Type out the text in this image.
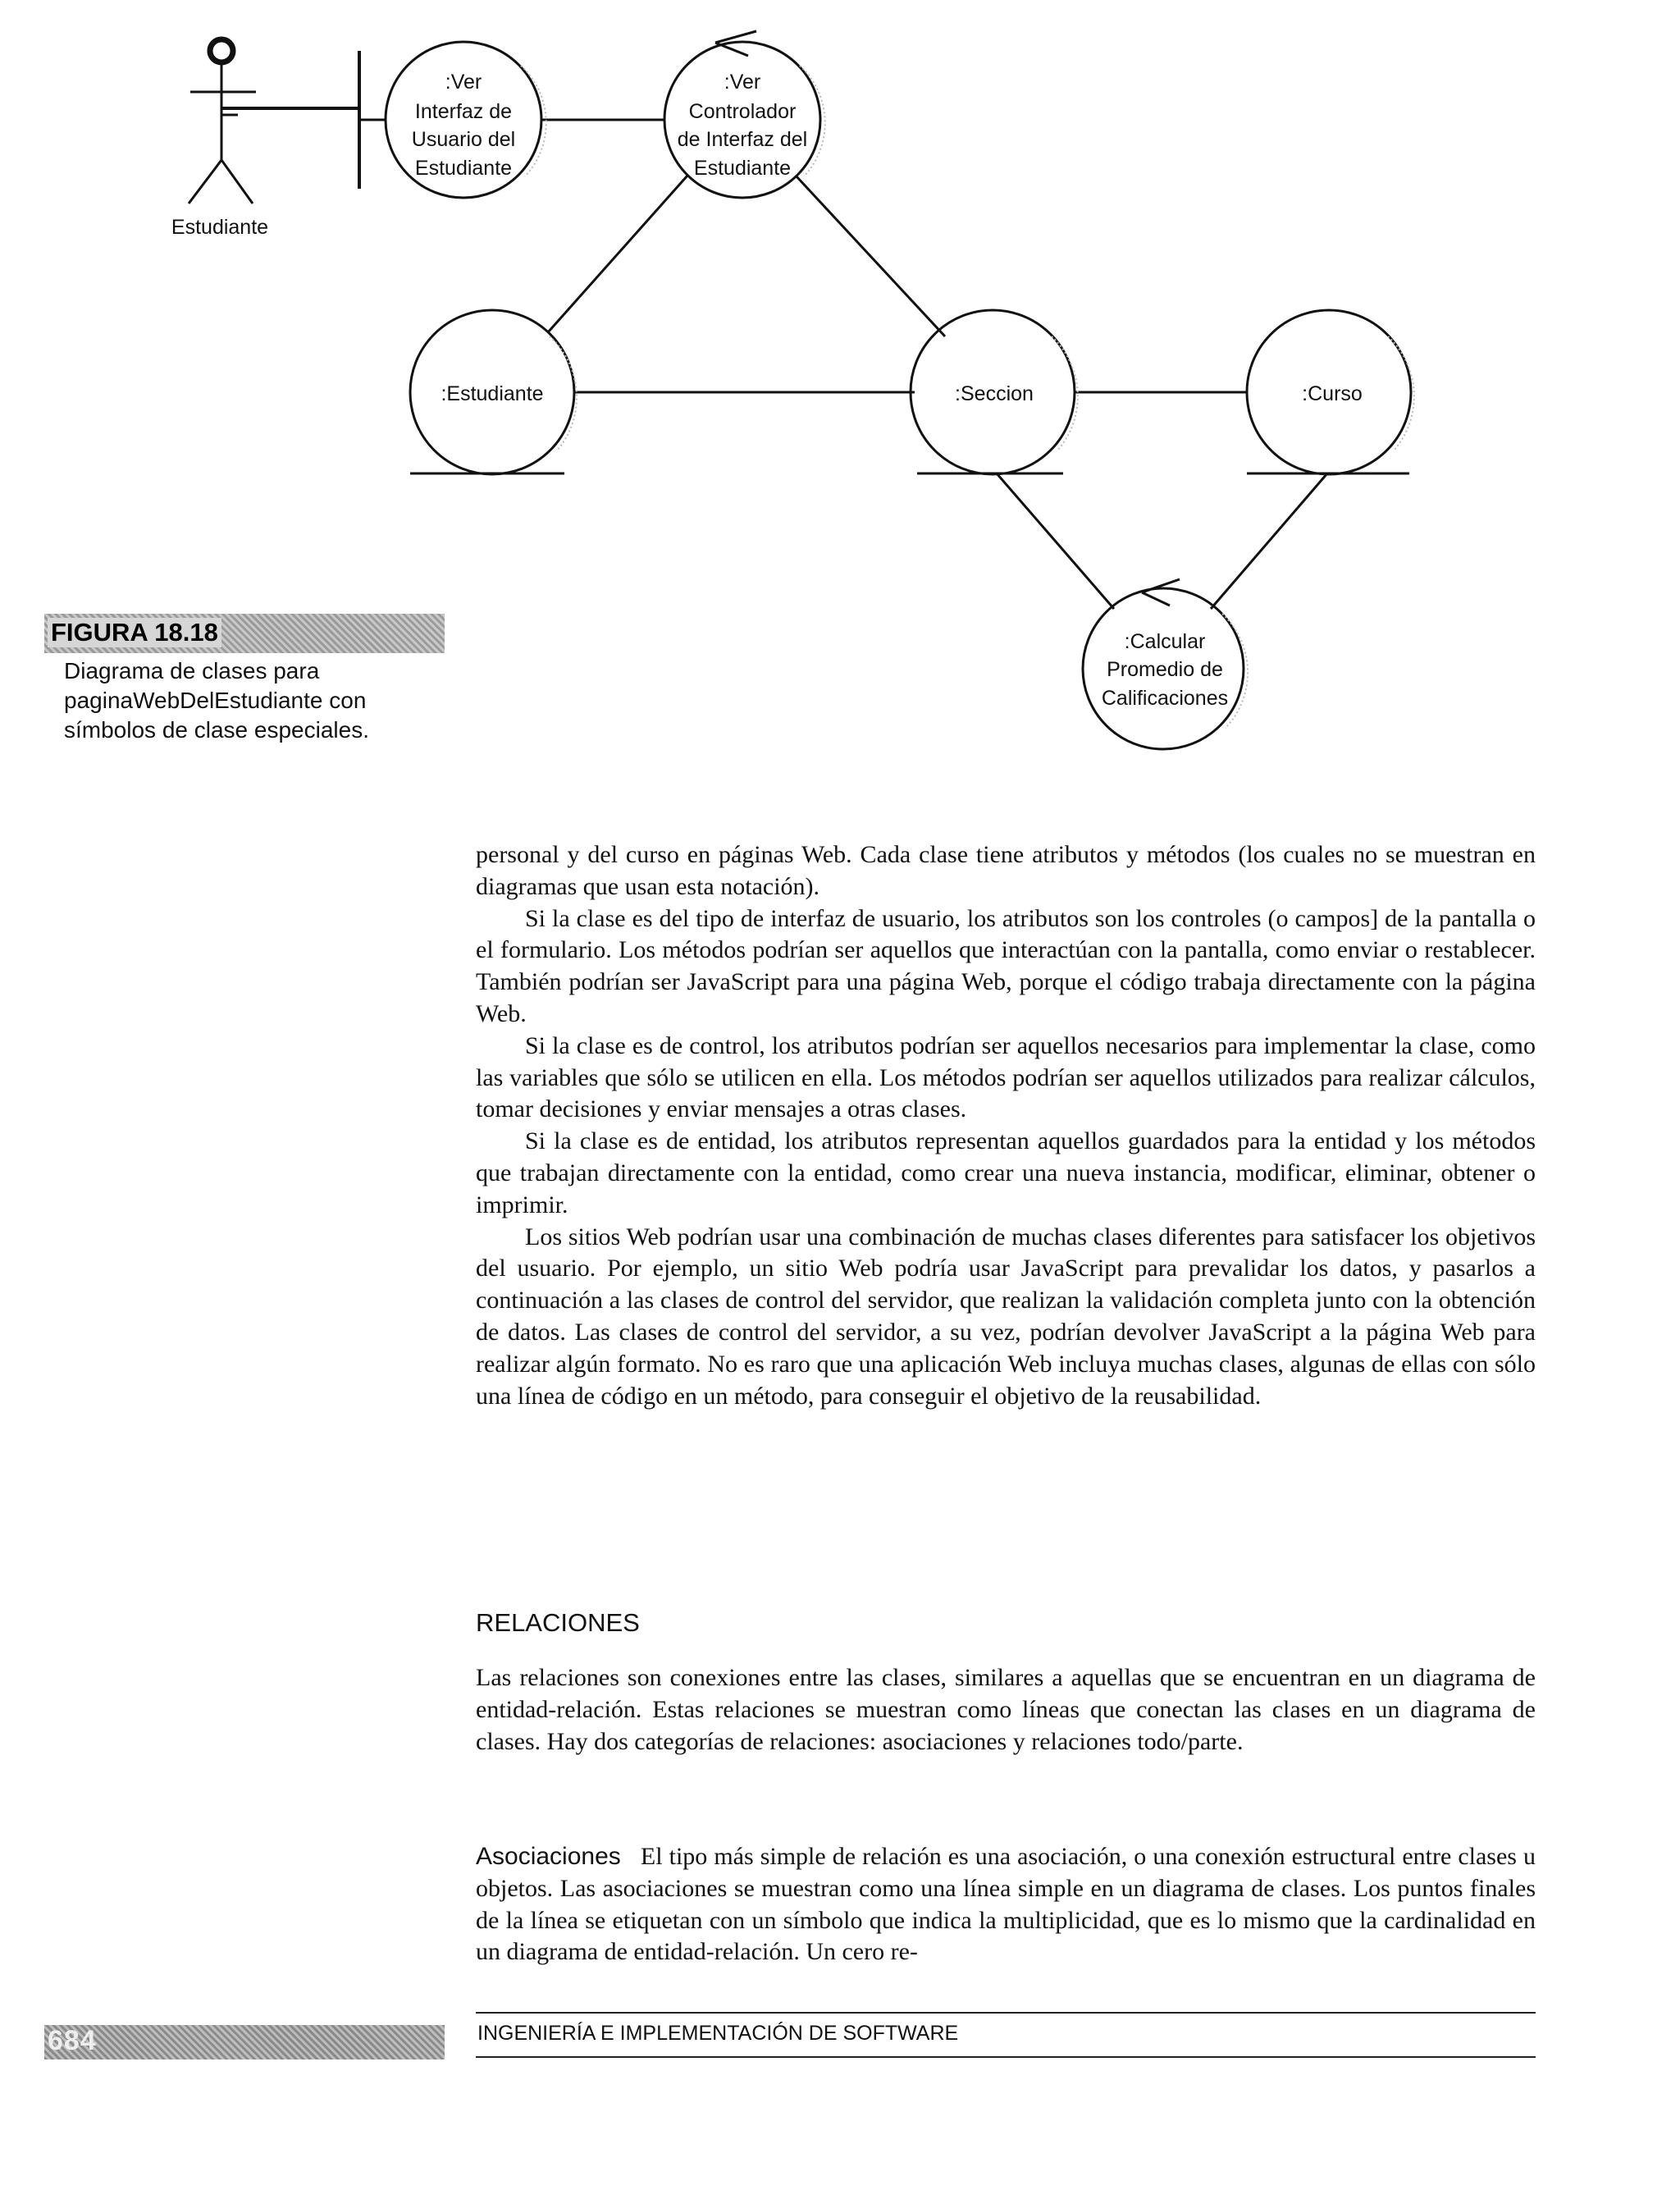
Estudiante
:Ver
Interfaz de
Usuario del
Estudiante
:Ver
Controlador
de Interfaz del
Estudiante
:Estudiante	:Seccion	:Curso
:Calcular
Promedio de
Calificaciones
FIGURA 18.18
Diagrama de clases para paginaWebDelEstudiante con símbolos de clase especiales.

personal y del curso en páginas Web. Cada clase tiene atributos y métodos (los cuales no se muestran en diagramas que usan esta notación).

Si la clase es del tipo de interfaz de usuario, los atributos son los controles (o campos] de la pantalla o el formulario. Los métodos podrían ser aquellos que interactúan con la pantalla, como enviar o restablecer. También podrían ser JavaScript para una página Web, porque el código trabaja directamente con la página Web.

Si la clase es de control, los atributos podrían ser aquellos necesarios para implementar la clase, como las variables que sólo se utilicen en ella. Los métodos podrían ser aquellos utilizados para realizar cálculos, tomar decisiones y enviar mensajes a otras clases.

Si la clase es de entidad, los atributos representan aquellos guardados para la entidad y los métodos que trabajan directamente con la entidad, como crear una nueva instancia, modificar, eliminar, obtener o imprimir.

Los sitios Web podrían usar una combinación de muchas clases diferentes para satisfacer los objetivos del usuario. Por ejemplo, un sitio Web podría usar JavaScript para prevalidar los datos, y pasarlos a continuación a las clases de control del servidor, que realizan la validación completa junto con la obtención de datos. Las clases de control del servidor, a su vez, podrían devolver JavaScript a la página Web para realizar algún formato. No es raro que una aplicación Web incluya muchas clases, algunas de ellas con sólo una línea de código en un método, para conseguir el objetivo de la reusabilidad.

RELACIONES
Las relaciones son conexiones entre las clases, similares a aquellas que se encuentran en un diagrama de entidad-relación. Estas relaciones se muestran como líneas que conectan las clases en un diagrama de clases. Hay dos categorías de relaciones: asociaciones y relaciones todo/parte.
Asociaciones El tipo más simple de relación es una asociación, o una conexión estructural entre clases u objetos. Las asociaciones se muestran como una línea simple en un diagrama de clases. Los puntos finales de la línea se etiquetan con un símbolo que indica la multiplicidad, que es lo mismo que la cardinalidad en un diagrama de entidad-relación. Un cero re-
684	INGENIERÍA E IMPLEMENTACIÓN DE SOFTWARE
